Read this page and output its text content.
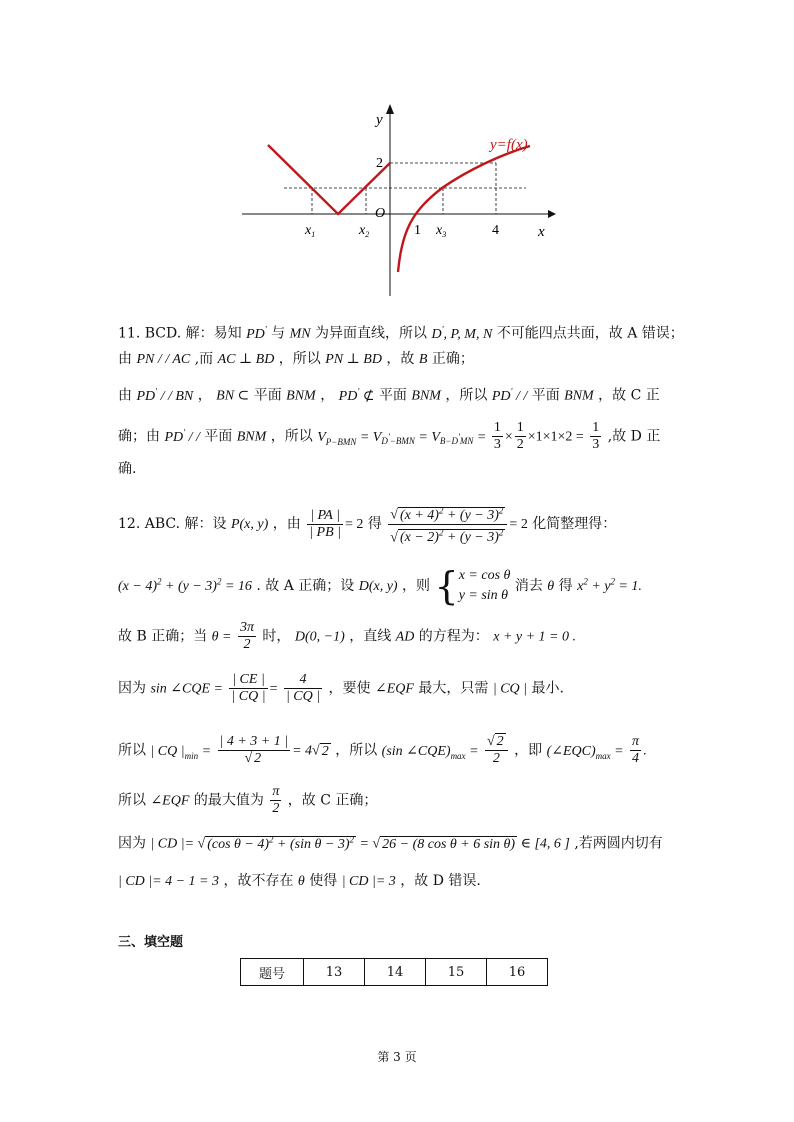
y
x
O
y=f(x)
2
1	4
$x_1$	$x_2$	$x_3$
11. BCD. 解：易知 PD' 与 MN 为异面直线，所以 D', P, M, N 不可能四点共面，故 A 错误；
由 PN / / AC ,而 AC ⊥ BD ，所以 PN ⊥ BD ，故 B 正确；
由 PD' / / BN ， BN ⊂ 平面 BNM ， PD' ⊄ 平面 BNM ，所以 PD' / / 平面 BNM ，故 C 正
确；由 PD' / / 平面 BNM ，所以 $V_{P-BMN} = V_{D'-BMN} = V_{B-D'MN} = \frac{1}{3} \times \frac{1}{2} \times 1\times 1\times 2 = \frac{1}{3}$ ,故 D 正
确.
12. ABC. 解：设 P(x, y) ，由 $\frac{| PA |}{| PB |} = 2$ 得 $\frac{√ (x + 4)^2 + (y - 3)^2}{√ (x - 2)^2 + (y - 3)^2} = 2$ 化简整理得：
$(x - 4)^2 + (y - 3)^2 = 16$ . 故 A 正确；设 D(x, y) ，则 { x = cos θ
y = sin θ
消去 θ 得 $x^2 + y^2 = 1$.
故 B 正确；当 $\theta = \frac{3\pi}{2}$ 时， D(0, −1) ，直线 AD 的方程为： x + y + 1 = 0 .
因为 sin ∠CQE = $\frac{| CE |}{| CQ |} = \frac{4}{| CQ |}$ ，要使 ∠EQF 最大，只需 | CQ | 最小.
所以 | CQ $|_{min} = \frac{| 4 + 3 + 1 |}{√ 2} = 4√$ 2 ，所以 (sin $\angle CQE)_{max} = \frac{√ 2}{2}$ ，即 $(\angle EQC)_{max} = \frac{\pi}{4}$ .
所以 ∠EQF 的最大值为 $\frac{\pi}{2}$ ，故 C 正确；
因为 | CD |= √ (cos θ − 4)$^2$ + (sin θ − 3)$^2$ = √ 26 − (8 cos θ + 6 sin θ) ∈ [4, 6 ] ,若两圆内切有
| CD |= 4 − 1 = 3 ，故不存在 θ 使得 | CD |= 3 ，故 D 错误.
三、填空题
题号	13	14	15	16
第 3 页
